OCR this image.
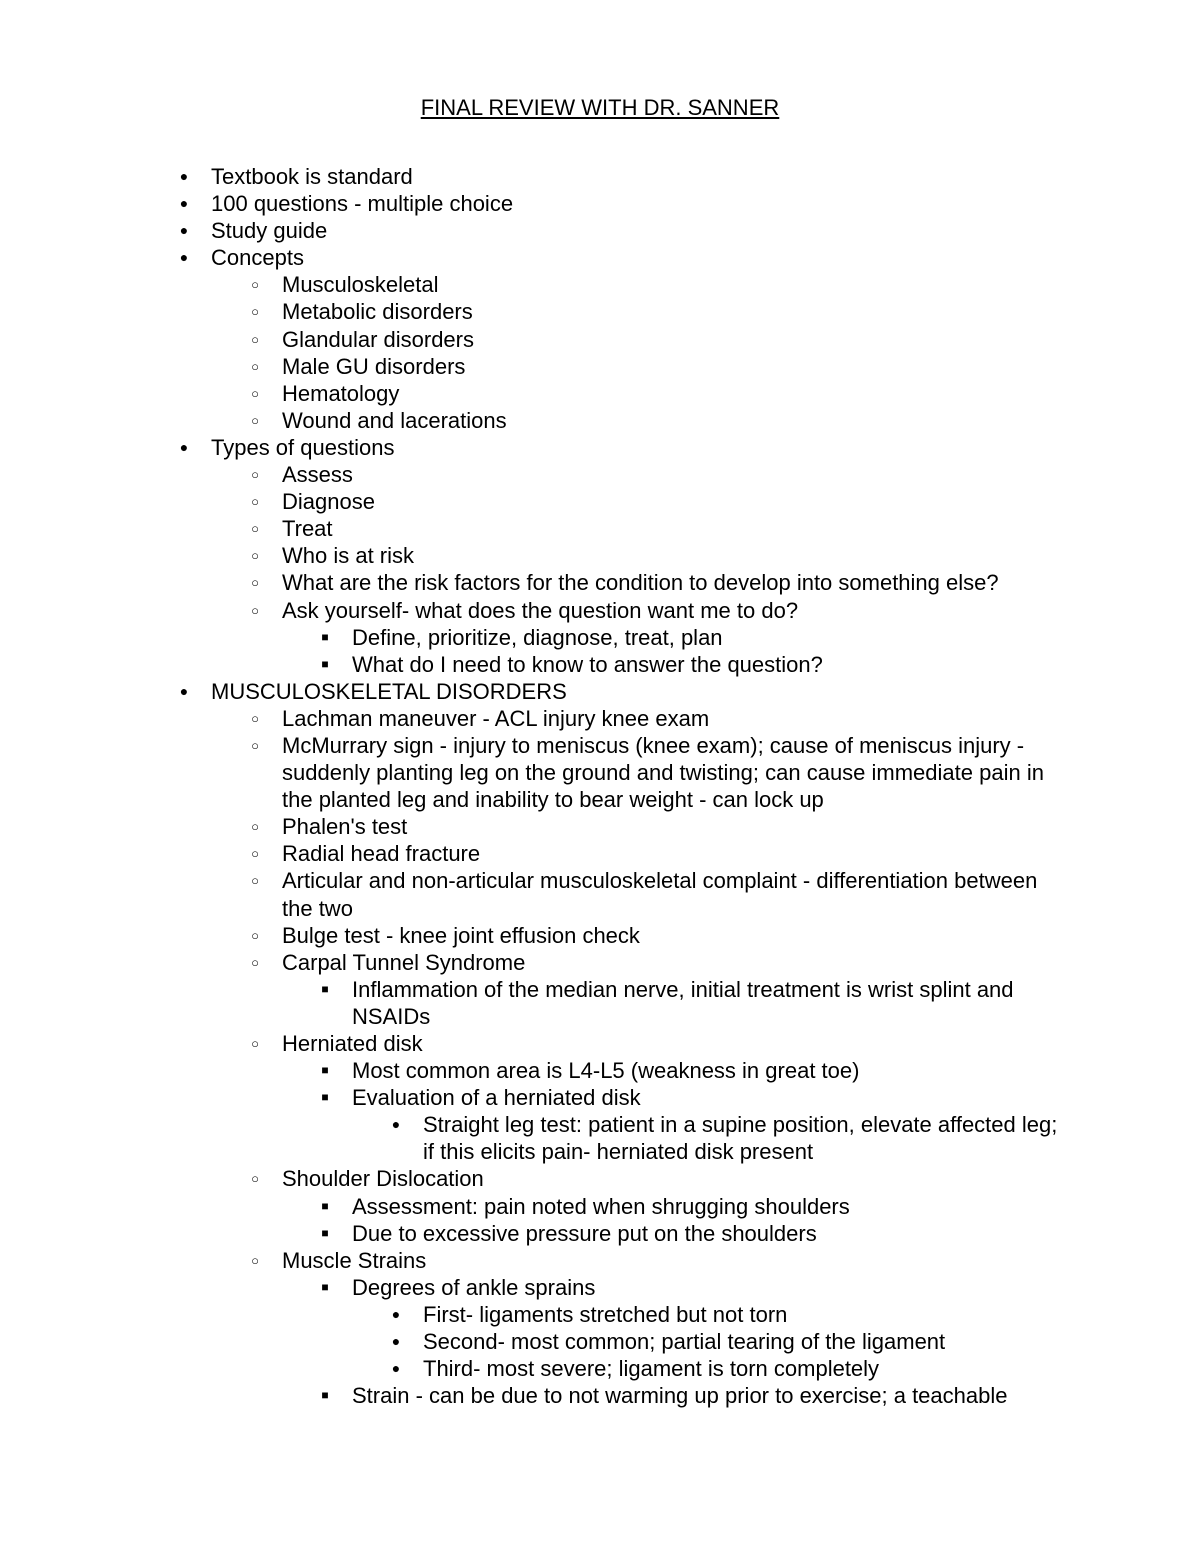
FINAL REVIEW WITH DR. SANNER
● Textbook is standard
● 100 questions - multiple choice
● Study guide
● Concepts
○ Musculoskeletal
○ Metabolic disorders
○ Glandular disorders
○ Male GU disorders
○ Hematology
○ Wound and lacerations
● Types of questions
○ Assess
○ Diagnose
○ Treat
○ Who is at risk
○ What are the risk factors for the condition to develop into something else?
○ Ask yourself- what does the question want me to do?
■ Define, prioritize, diagnose, treat, plan
■ What do I need to know to answer the question?
● MUSCULOSKELETAL DISORDERS
○ Lachman maneuver - ACL injury knee exam
○ McMurrary sign - injury to meniscus (knee exam); cause of meniscus injury - suddenly planting leg on the ground and twisting; can cause immediate pain in the planted leg and inability to bear weight - can lock up
○ Phalen's test
○ Radial head fracture
○ Articular and non-articular musculoskeletal complaint - differentiation between the two
○ Bulge test - knee joint effusion check
○ Carpal Tunnel Syndrome
■ Inflammation of the median nerve, initial treatment is wrist splint and NSAIDs
○ Herniated disk
■ Most common area is L4-L5 (weakness in great toe)
■ Evaluation of a herniated disk
● Straight leg test: patient in a supine position, elevate affected leg; if this elicits pain- herniated disk present
○ Shoulder Dislocation
■ Assessment: pain noted when shrugging shoulders
■ Due to excessive pressure put on the shoulders
○ Muscle Strains
■ Degrees of ankle sprains
● First- ligaments stretched but not torn
● Second- most common; partial tearing of the ligament
● Third- most severe; ligament is torn completely
■ Strain - can be due to not warming up prior to exercise; a teachable
